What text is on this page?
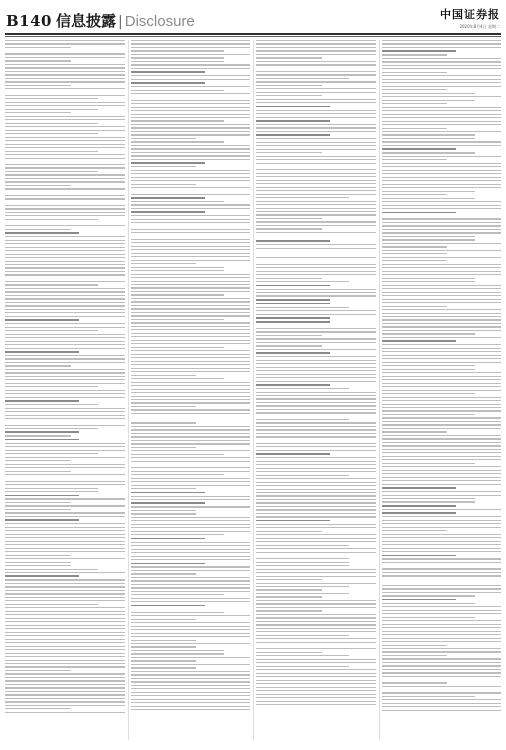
B140 信息披露 | Disclosure	中国证券报
2020年8月4日 星期二
